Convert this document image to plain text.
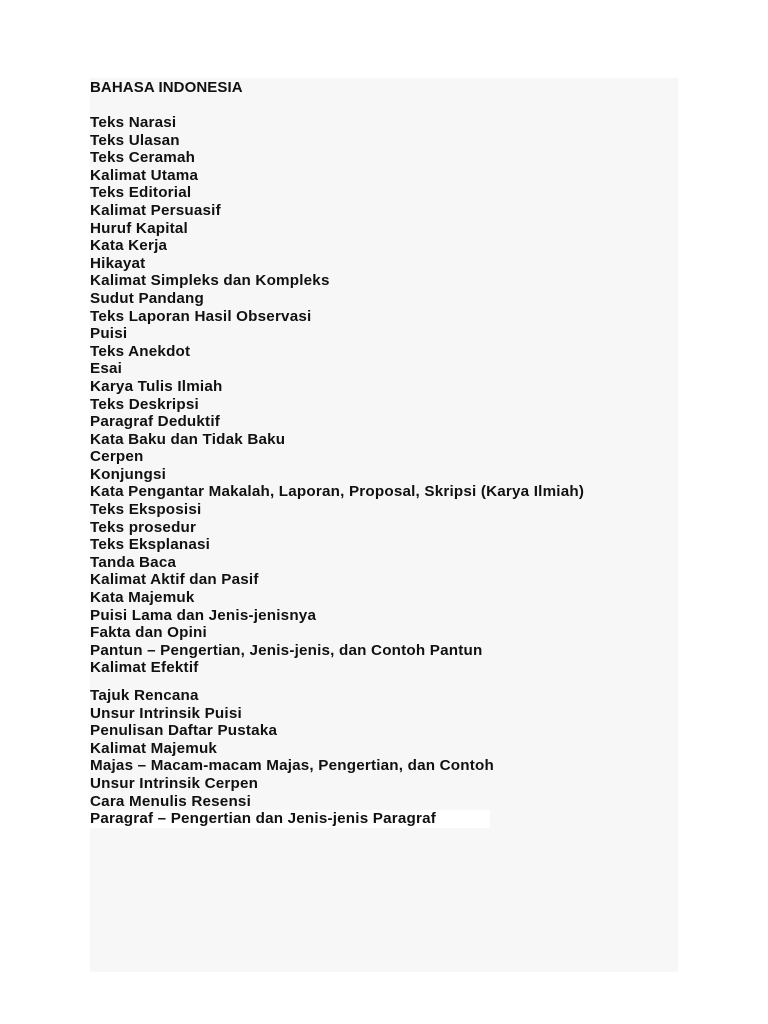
BAHASA INDONESIA
Teks Narasi
Teks Ulasan
Teks Ceramah
Kalimat Utama
Teks Editorial
Kalimat Persuasif
Huruf Kapital
Kata Kerja
Hikayat
Kalimat Simpleks dan Kompleks
Sudut Pandang
Teks Laporan Hasil Observasi
Puisi
Teks Anekdot
Esai
Karya Tulis Ilmiah
Teks Deskripsi
Paragraf Deduktif
Kata Baku dan Tidak Baku
Cerpen
Konjungsi
Kata Pengantar Makalah, Laporan, Proposal, Skripsi (Karya Ilmiah)
Teks Eksposisi
Teks prosedur
Teks Eksplanasi
Tanda Baca
Kalimat Aktif dan Pasif
Kata Majemuk
Puisi Lama dan Jenis-jenisnya
Fakta dan Opini
Pantun – Pengertian, Jenis-jenis, dan Contoh Pantun
Kalimat Efektif
Tajuk Rencana
Unsur Intrinsik Puisi
Penulisan Daftar Pustaka
Kalimat Majemuk
Majas – Macam-macam Majas, Pengertian, dan Contoh
Unsur Intrinsik Cerpen
Cara Menulis Resensi
Paragraf – Pengertian dan Jenis-jenis Paragraf
